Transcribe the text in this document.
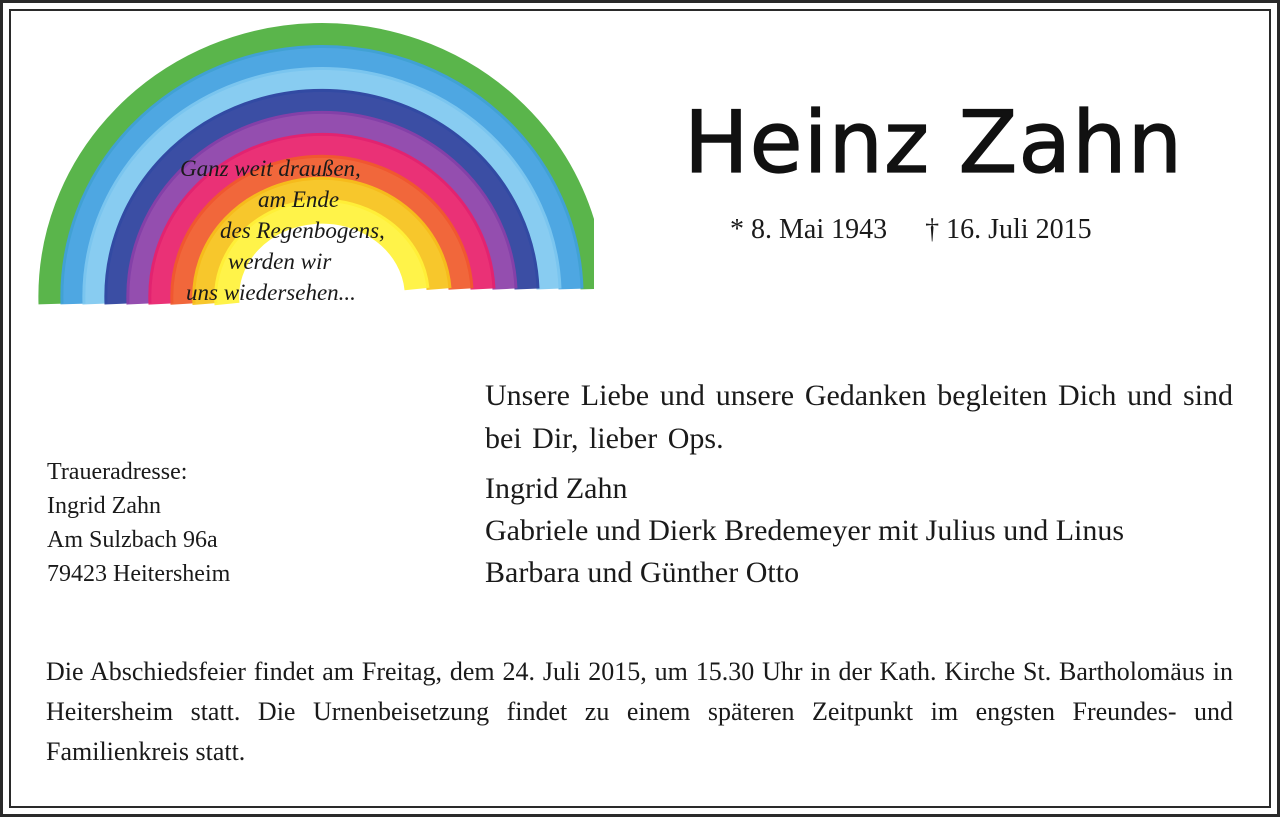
Ganz weit draußen,
am Ende
des Regenbogens,
werden wir
uns wiedersehen...
Heinz Zahn
* 8. Mai 1943 † 16. Juli 2015
Unsere Liebe und unsere Gedanken begleiten Dich und sind bei Dir, lieber Ops.
Ingrid Zahn
Gabriele und Dierk Bredemeyer mit Julius und Linus
Barbara und Günther Otto
Traueradresse:
Ingrid Zahn
Am Sulzbach 96a
79423 Heitersheim
Die Abschiedsfeier findet am Freitag, dem 24. Juli 2015, um 15.30 Uhr in der Kath. Kirche St. Bartholomäus in Heitersheim statt. Die Urnenbeisetzung findet zu einem späteren Zeitpunkt im engsten Freundes- und Familienkreis statt.
